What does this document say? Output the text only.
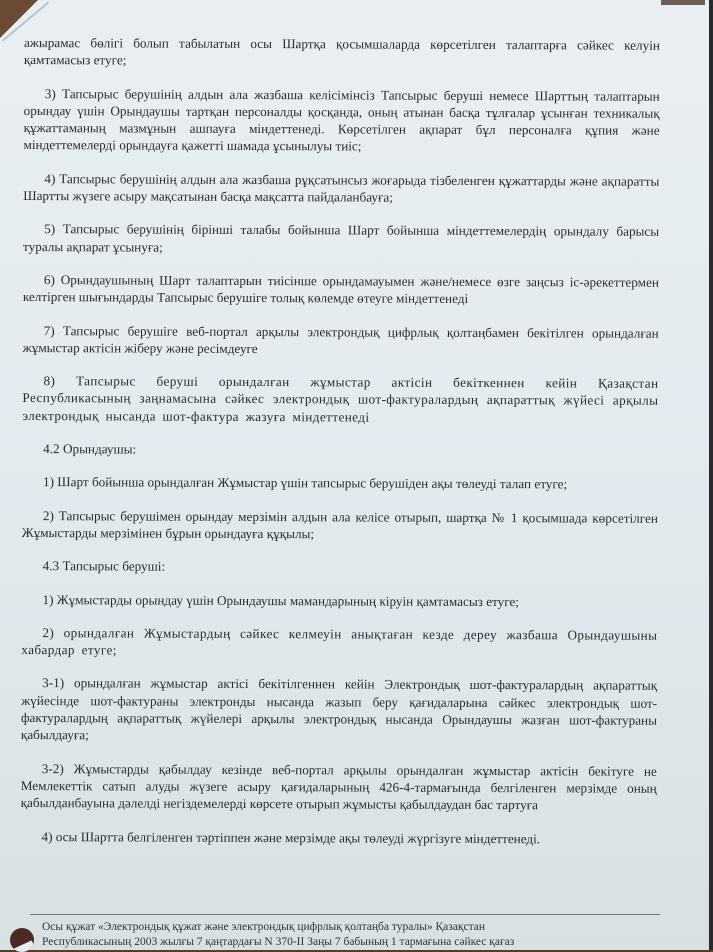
ажырамас бөлігі болып табылатын осы Шартқа қосымшаларда көрсетілген талаптарға сәйкес келуін қамтамасыз етуге;

3) Тапсырыс берушінің алдын ала жазбаша келісімінсіз Тапсырыс беруші немесе Шарттың талаптарын орындау үшін Орындаушы тартқан персоналды қосқанда, оның атынан басқа тұлғалар ұсынған техникалық құжаттаманың мазмұнын ашпауға міндеттенеді. Көрсетілген ақпарат бұл персоналға құпия және міндеттемелерді орындауға қажетті шамада ұсынылуы тиіс;

4) Тапсырыс берушінің алдын ала жазбаша рұқсатынсыз жоғарыда тізбеленген құжаттарды және ақпаратты Шартты жүзеге асыру мақсатынан басқа мақсатта пайдаланбауға;

5) Тапсырыс берушінің бірінші талабы бойынша Шарт бойынша міндеттемелердің орындалу барысы туралы ақпарат ұсынуға;

6) Орындаушының Шарт талаптарын тиісінше орындамауымен және/немесе өзге заңсыз іс-әрекеттермен келтірген шығындарды Тапсырыс берушіге толық көлемде өтеуге міндеттенеді

7) Тапсырыс берушіге веб-портал арқылы электрондық цифрлық қолтаңбамен бекітілген орындалған жұмыстар актісін жіберу және ресімдеуге

8) Тапсырыс беруші орындалған жұмыстар актісін бекіткеннен кейін Қазақстан Республикасының заңнамасына сәйкес электрондық шот-фактуралардың ақпараттық жүйесі арқылы электрондық нысанда шот-фактура жазуға міндеттенеді

4.2 Орындаушы:

1) Шарт бойынша орындалған Жұмыстар үшін тапсырыс берушіден ақы төлеуді талап етуге;

2) Тапсырыс берушімен орындау мерзімін алдын ала келісе отырып, шартқа № 1 қосымшада көрсетілген Жұмыстарды мерзімінен бұрын орындауға құқылы;

4.3 Тапсырыс беруші:

1) Жұмыстарды орындау үшін Орындаушы мамандарының кіруін қамтамасыз етуге;

2) орындалған Жұмыстардың сәйкес келмеуін анықтаған кезде дереу жазбаша Орындаушыны хабардар етуге;

3-1) орындалған жұмыстар актісі бекітілгеннен кейін Электрондық шот-фактуралардың ақпараттық жүйесінде шот-фактураны электронды нысанда жазып беру қағидаларына сәйкес электрондық шот-фактуралардың ақпараттық жүйелері арқылы электрондық нысанда Орындаушы жазған шот-фактураны қабылдауға;

3-2) Жұмыстарды қабылдау кезінде веб-портал арқылы орындалған жұмыстар актісін бекітуге не Мемлекеттік сатып алуды жүзеге асыру қағидаларының 426-4-тармағында белгіленген мерзімде оның қабылданбауына дәлелді негіздемелерді көрсете отырып жұмысты қабылдаудан бас тартуға

4) осы Шартта белгіленген тәртіппен және мерзімде ақы төлеуді жүргізуге міндеттенеді.

Осы құжат «Электрондық құжат және электрондық цифрлық қолтаңба туралы» Қазақстан
Республикасының 2003 жылғы 7 қаңтардағы N 370-II Заңы 7 бабының 1 тармағына сәйкес қағаз
